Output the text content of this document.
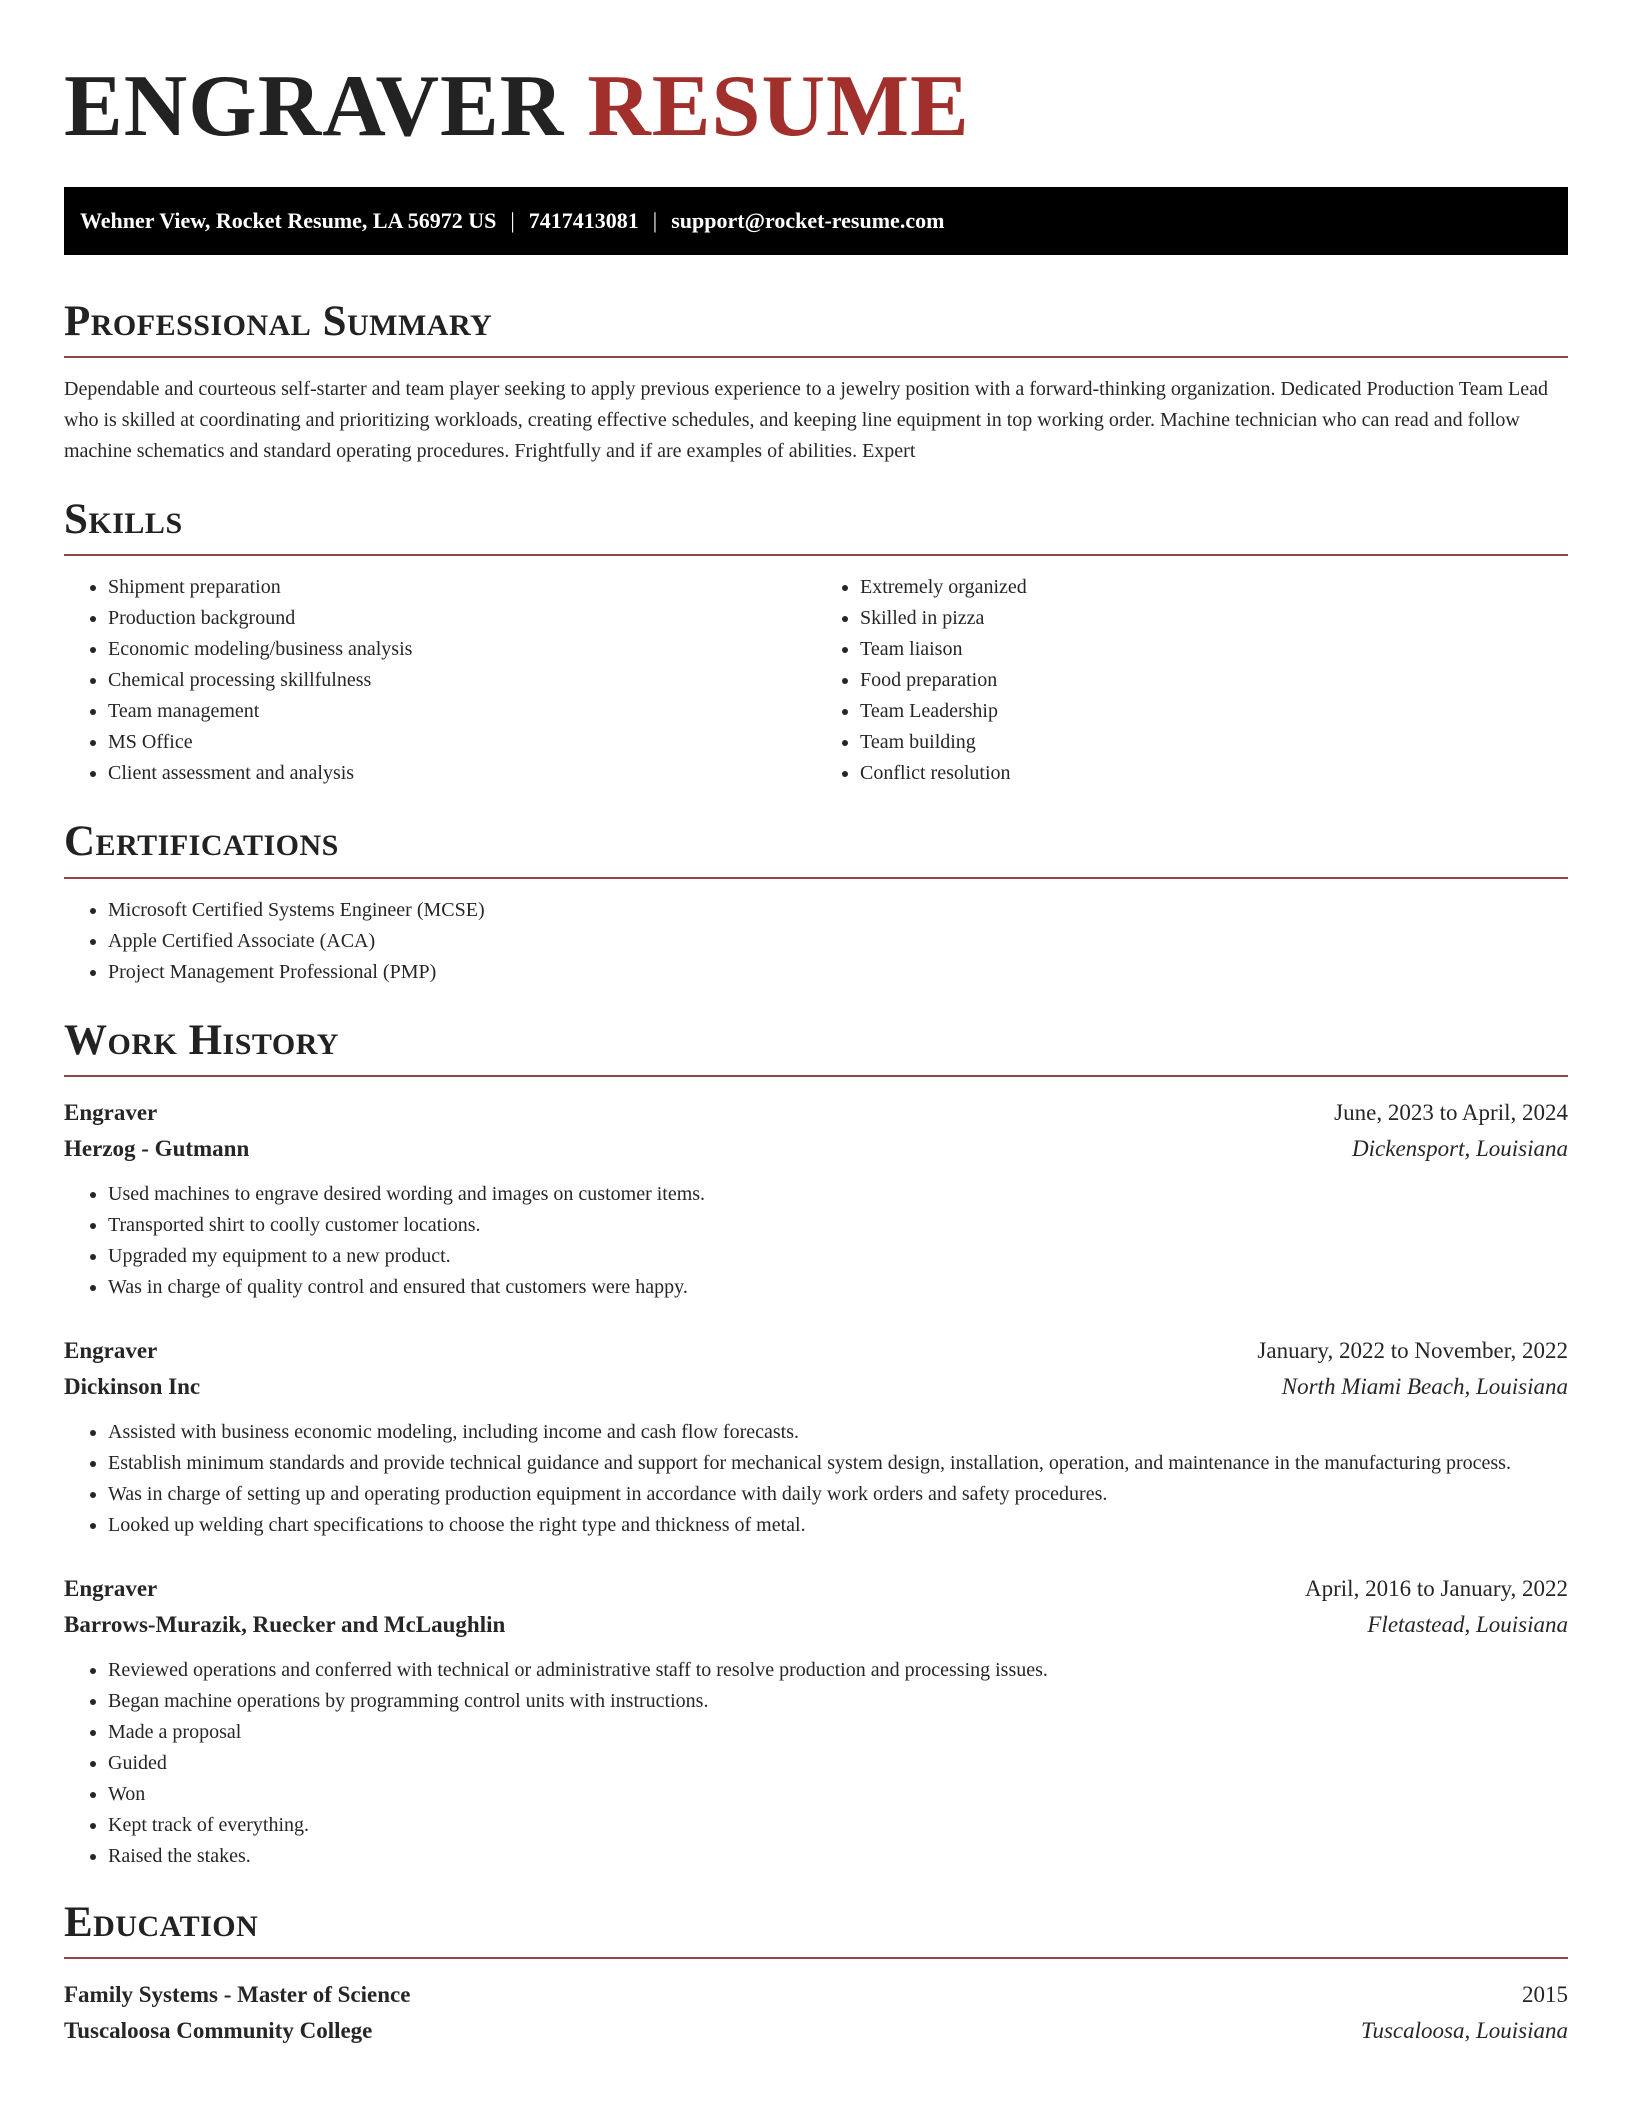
ENGRAVER RESUME
Wehner View, Rocket Resume, LA 56972 US | 7417413081 | support@rocket-resume.com
Professional Summary

Dependable and courteous self-starter and team player seeking to apply previous experience to a jewelry position with a forward-thinking organization. Dedicated Production Team Lead who is skilled at coordinating and prioritizing workloads, creating effective schedules, and keeping line equipment in top working order. Machine technician who can read and follow machine schematics and standard operating procedures. Frightfully and if are examples of abilities. Expert

Skills
• Shipment preparation
• Production background
• Economic modeling/business analysis
• Chemical processing skillfulness
• Team management
• MS Office
• Client assessment and analysis
• Extremely organized
• Skilled in pizza
• Team liaison
• Food preparation
• Team Leadership
• Team building
• Conflict resolution
Certifications
• Microsoft Certified Systems Engineer (MCSE)
• Apple Certified Associate (ACA)
• Project Management Professional (PMP)
Work History
Engraver	June, 2023 to April, 2024
Herzog - Gutmann	Dickensport, Louisiana
• Used machines to engrave desired wording and images on customer items.
• Transported shirt to coolly customer locations.
• Upgraded my equipment to a new product.
• Was in charge of quality control and ensured that customers were happy.
Engraver	January, 2022 to November, 2022
Dickinson Inc	North Miami Beach, Louisiana
• Assisted with business economic modeling, including income and cash flow forecasts.
• Establish minimum standards and provide technical guidance and support for mechanical system design, installation, operation, and maintenance in the manufacturing process.
• Was in charge of setting up and operating production equipment in accordance with daily work orders and safety procedures.
• Looked up welding chart specifications to choose the right type and thickness of metal.
Engraver	April, 2016 to January, 2022
Barrows-Murazik, Ruecker and McLaughlin	Fletastead, Louisiana
• Reviewed operations and conferred with technical or administrative staff to resolve production and processing issues.
• Began machine operations by programming control units with instructions.
• Made a proposal
• Guided
• Won
• Kept track of everything.
• Raised the stakes.
Education
Family Systems - Master of Science	2015
Tuscaloosa Community College	Tuscaloosa, Louisiana
